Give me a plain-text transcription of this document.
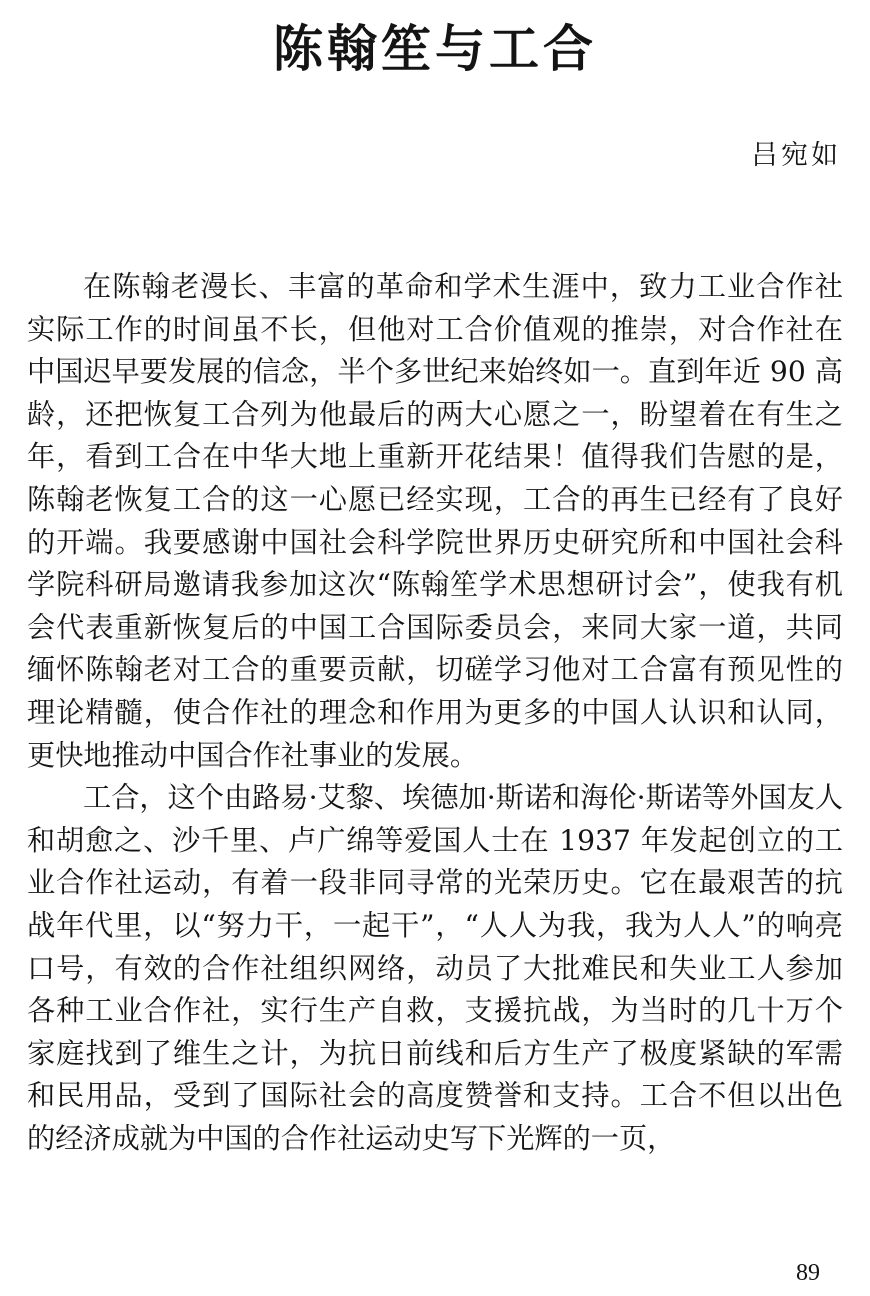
陈翰笙与工合

吕宛如

在陈翰老漫长、丰富的革命和学术生涯中，致力工业合作社实际工作的时间虽不长，但他对工合价值观的推崇，对合作社在中国迟早要发展的信念，半个多世纪来始终如一。直到年近 90 高龄，还把恢复工合列为他最后的两大心愿之一，盼望着在有生之年，看到工合在中华大地上重新开花结果！值得我们告慰的是，陈翰老恢复工合的这一心愿已经实现，工合的再生已经有了良好的开端。我要感谢中国社会科学院世界历史研究所和中国社会科学院科研局邀请我参加这次“陈翰笙学术思想研讨会”，使我有机会代表重新恢复后的中国工合国际委员会，来同大家一道，共同缅怀陈翰老对工合的重要贡献，切磋学习他对工合富有预见性的理论精髓，使合作社的理念和作用为更多的中国人认识和认同，更快地推动中国合作社事业的发展。

工合，这个由路易·艾黎、埃德加·斯诺和海伦·斯诺等外国友人和胡愈之、沙千里、卢广绵等爱国人士在 1937 年发起创立的工业合作社运动，有着一段非同寻常的光荣历史。它在最艰苦的抗战年代里，以“努力干，一起干”，“人人为我，我为人人”的响亮口号，有效的合作社组织网络，动员了大批难民和失业工人参加各种工业合作社，实行生产自救，支援抗战，为当时的几十万个家庭找到了维生之计，为抗日前线和后方生产了极度紧缺的军需和民用品，受到了国际社会的高度赞誉和支持。工合不但以出色的经济成就为中国的合作社运动史写下光辉的一页，

89
